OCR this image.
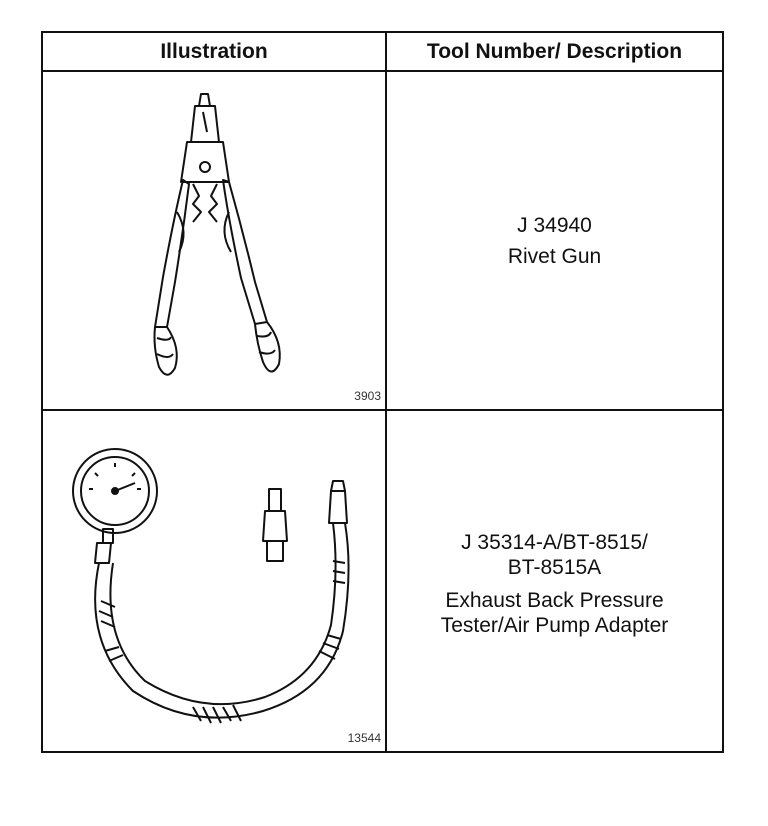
Illustration	Tool Number/ Description
3903
J 34940
Rivet Gun
13544
J 35314-A/BT-8515/
BT-8515A
Exhaust Back Pressure
Tester/Air Pump Adapter
